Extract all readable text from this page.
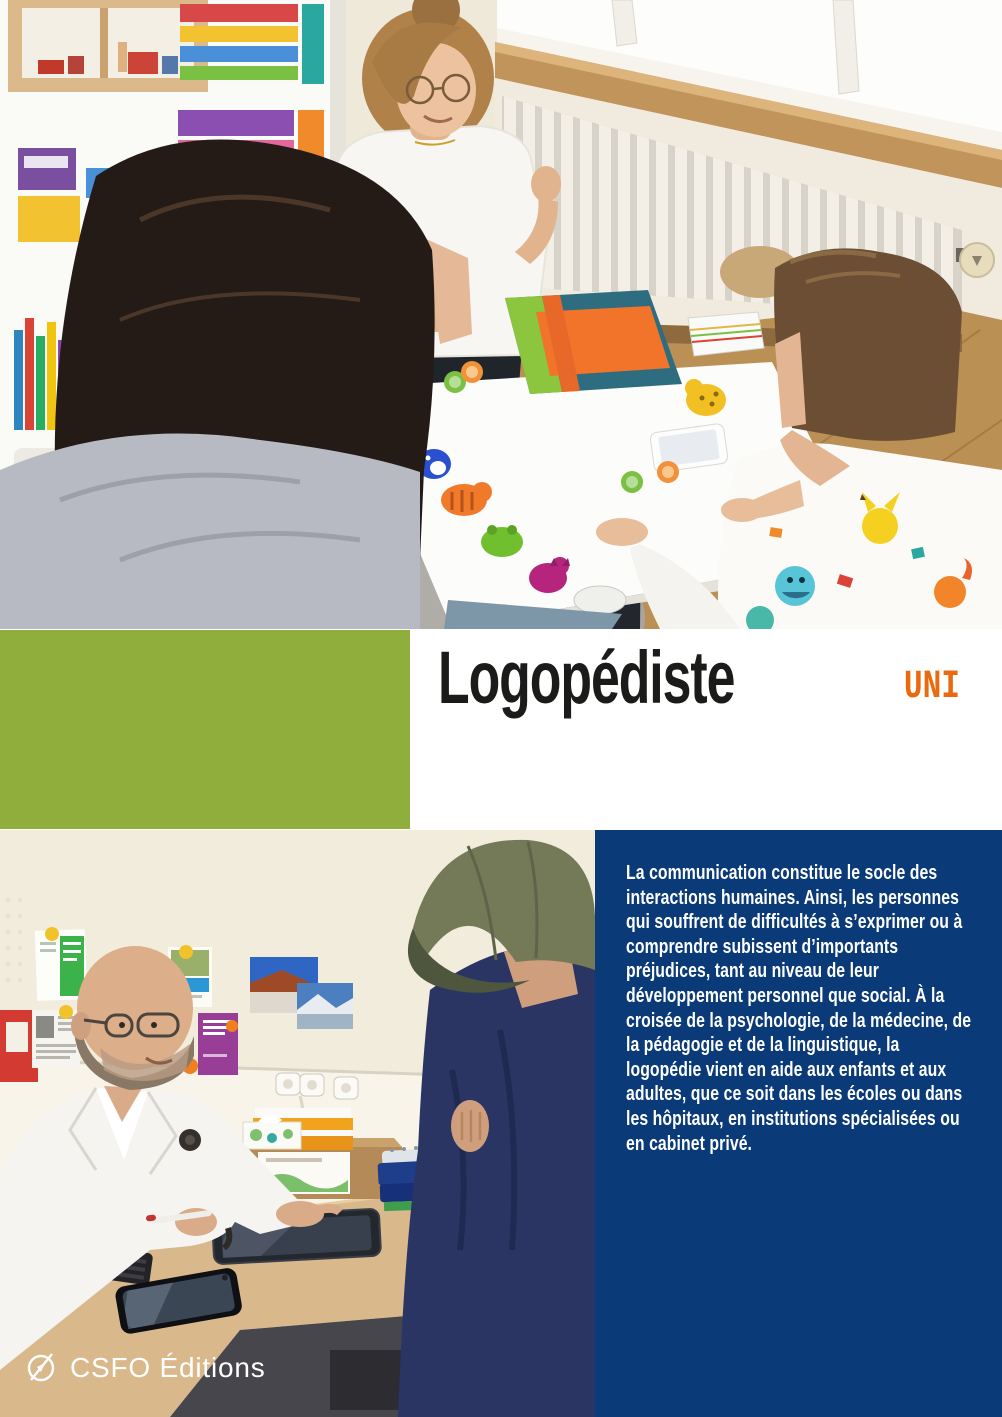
Logopédiste	UNI
CSFO Éditions
La communication constitue le socle des interactions humaines. Ainsi, les personnes qui souffrent de difficultés à s’exprimer ou à comprendre subissent d’importants préjudices, tant au niveau de leur développement personnel que social. À la croisée de la psychologie, de la médecine, de la pédagogie et de la linguistique, la logopédie vient en aide aux enfants et aux adultes, que ce soit dans les écoles ou dans les hôpitaux, en institutions spécialisées ou en cabinet privé.
